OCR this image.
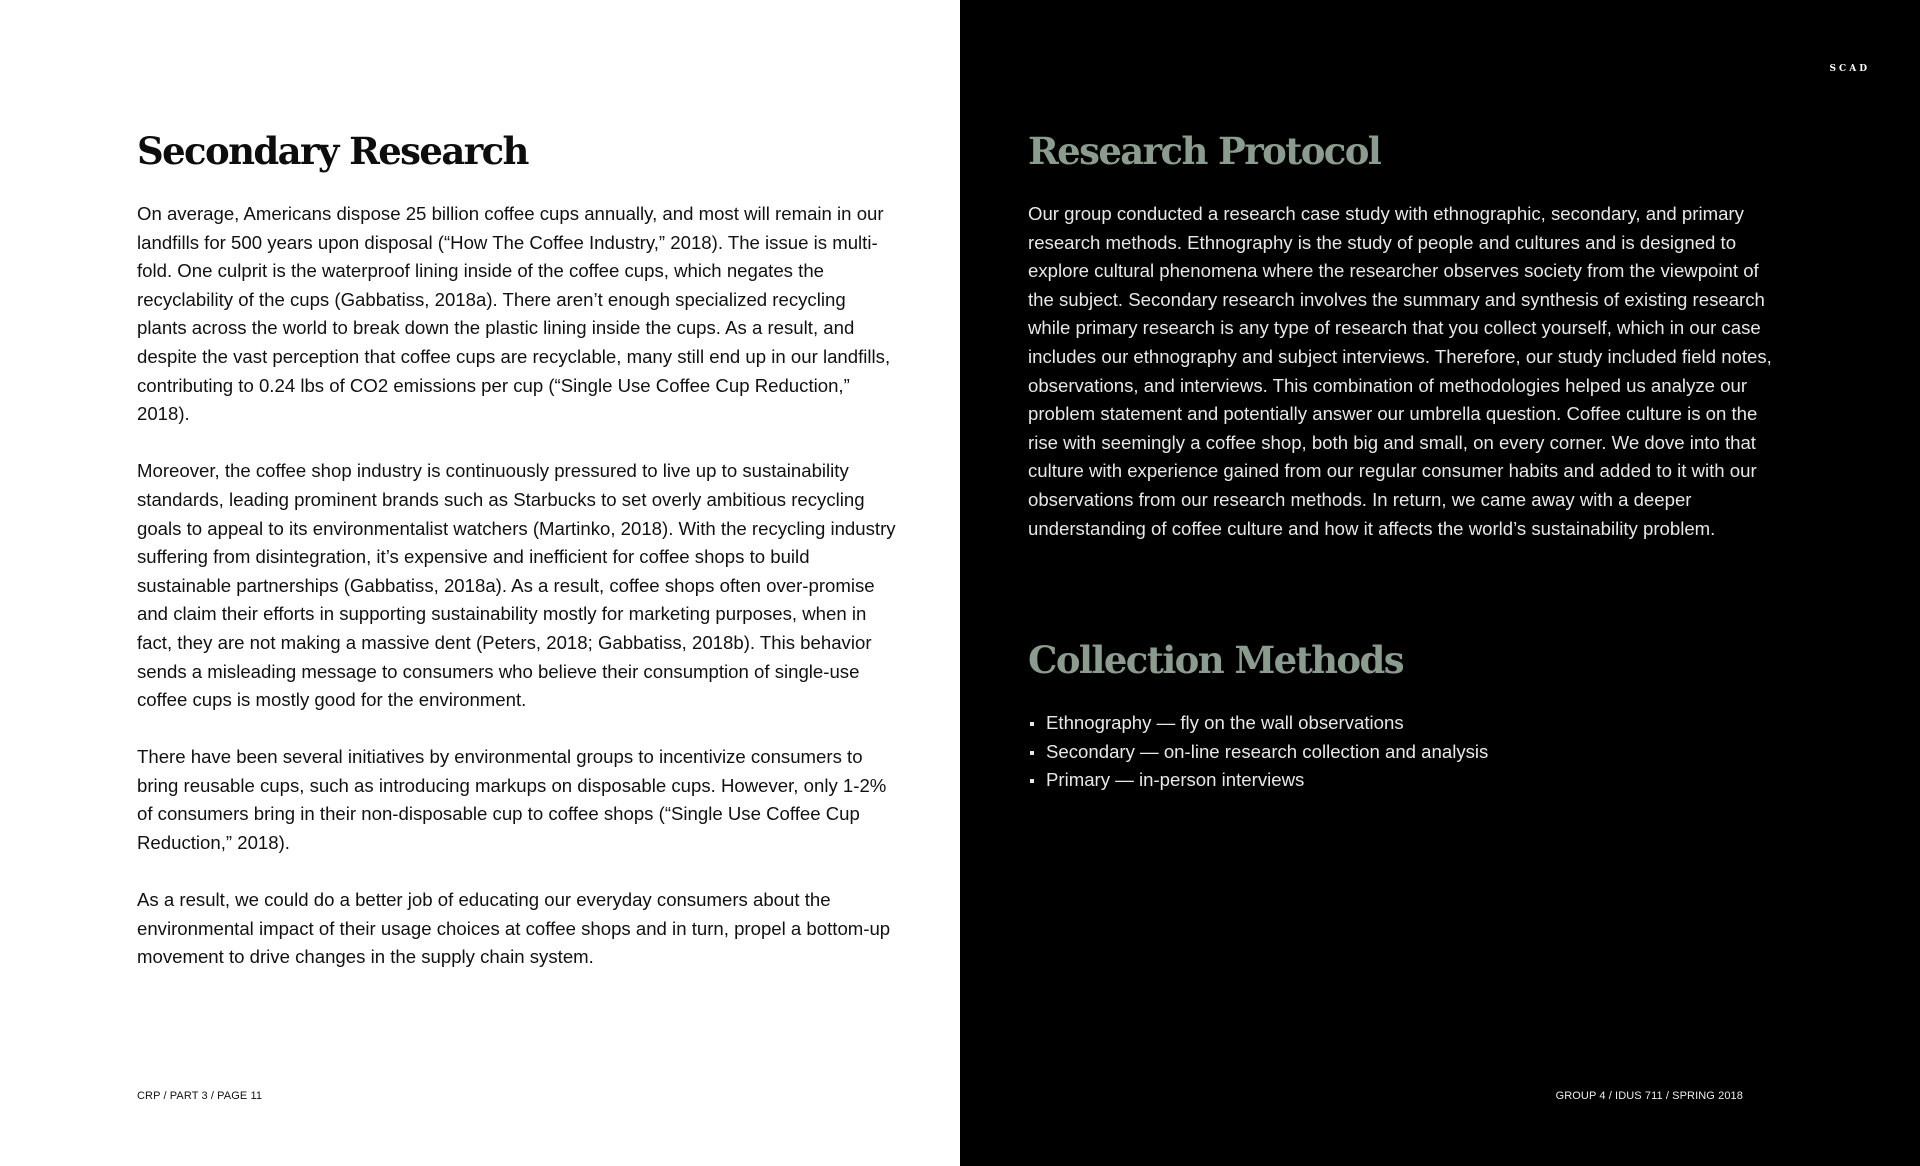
Secondary Research

On average, Americans dispose 25 billion coffee cups annually, and most will remain in our landfills for 500 years upon disposal (“How The Coffee Industry,” 2018). The issue is multi-fold. One culprit is the waterproof lining inside of the coffee cups, which negates the recyclability of the cups (Gabbatiss, 2018a). There aren’t enough specialized recycling plants across the world to break down the plastic lining inside the cups. As a result, and despite the vast perception that coffee cups are recyclable, many still end up in our landfills, contributing to 0.24 lbs of CO2 emissions per cup (“Single Use Coffee Cup Reduction,” 2018).

Moreover, the coffee shop industry is continuously pressured to live up to sustainability standards, leading prominent brands such as Starbucks to set overly ambitious recycling goals to appeal to its environmentalist watchers (Martinko, 2018). With the recycling industry suffering from disintegration, it’s expensive and inefficient for coffee shops to build sustainable partnerships (Gabbatiss, 2018a). As a result, coffee shops often over-promise and claim their efforts in supporting sustainability mostly for marketing purposes, when in fact, they are not making a massive dent (Peters, 2018; Gabbatiss, 2018b). This behavior sends a misleading message to consumers who believe their consumption of single-use coffee cups is mostly good for the environment.

There have been several initiatives by environmental groups to incentivize consumers to bring reusable cups, such as introducing markups on disposable cups. However, only 1-2% of consumers bring in their non-disposable cup to coffee shops (“Single Use Coffee Cup Reduction,” 2018).

As a result, we could do a better job of educating our everyday consumers about the environmental impact of their usage choices at coffee shops and in turn, propel a bottom-up movement to drive changes in the supply chain system.

CRP / PART 3 / PAGE 11
SCAD
Research Protocol

Our group conducted a research case study with ethnographic, secondary, and primary research methods. Ethnography is the study of people and cultures and is designed to explore cultural phenomena where the researcher observes society from the viewpoint of the subject. Secondary research involves the summary and synthesis of existing research while primary research is any type of research that you collect yourself, which in our case includes our ethnography and subject interviews. Therefore, our study included field notes, observations, and interviews. This combination of methodologies helped us analyze our problem statement and potentially answer our umbrella question. Coffee culture is on the rise with seemingly a coffee shop, both big and small, on every corner. We dove into that culture with experience gained from our regular consumer habits and added to it with our observations from our research methods. In return, we came away with a deeper understanding of coffee culture and how it affects the world’s sustainability problem.

Collection Methods
Ethnography — fly on the wall observations
Secondary — on-line research collection and analysis
Primary — in-person interviews
GROUP 4 / IDUS 711 / SPRING 2018
